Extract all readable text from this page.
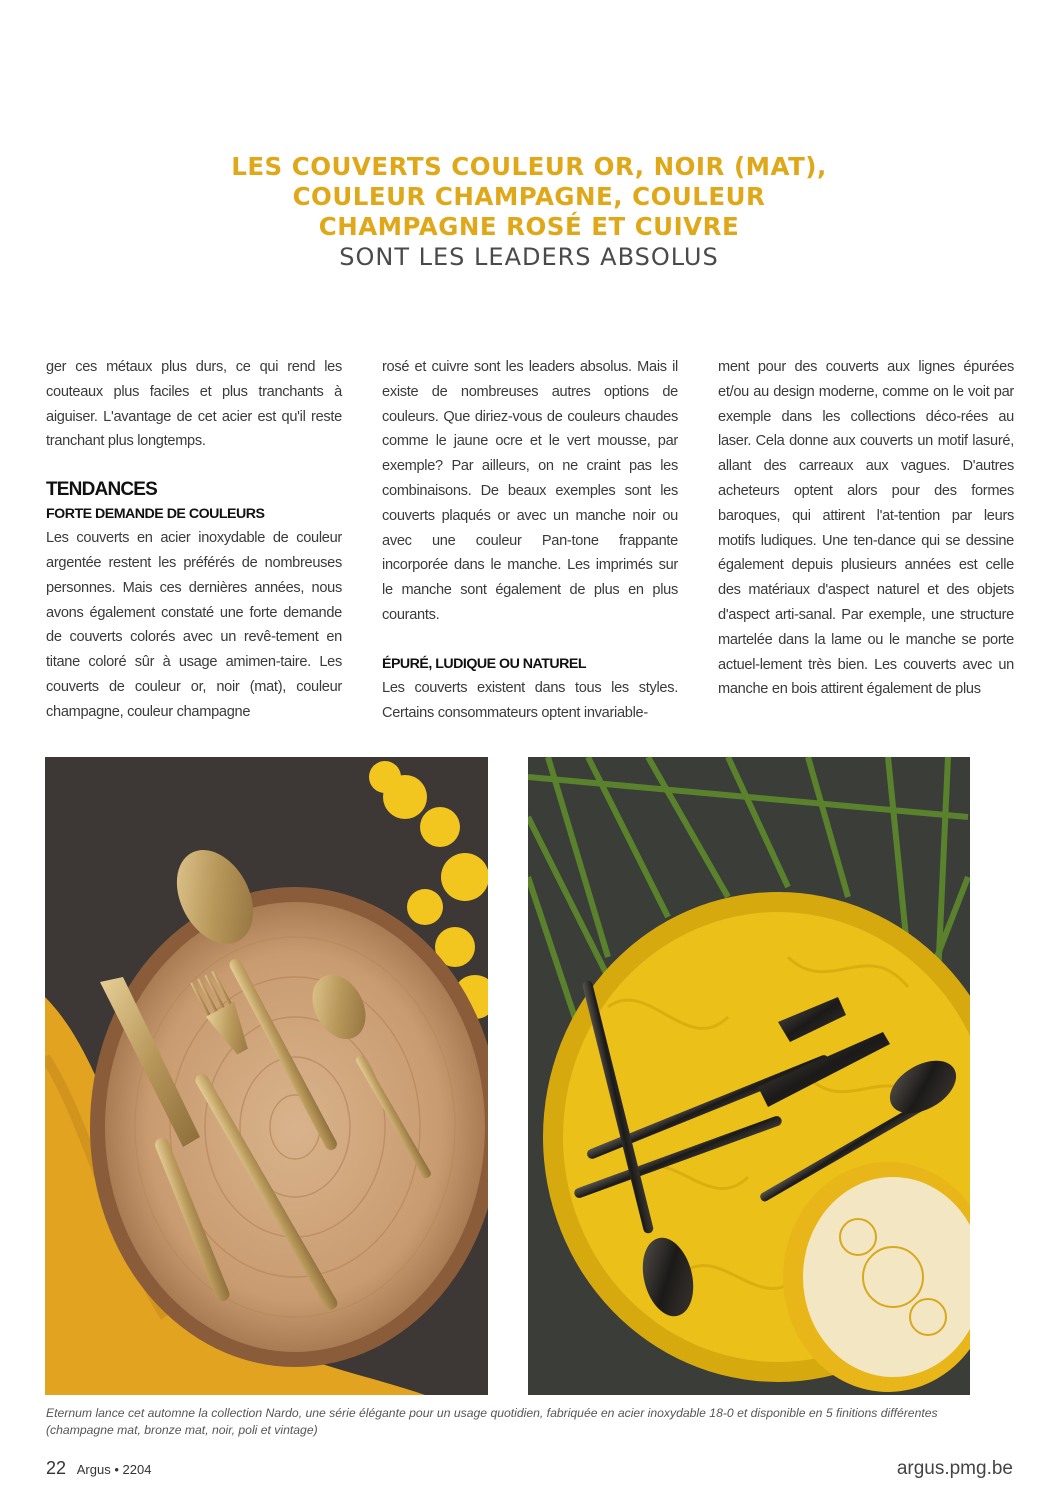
LES COUVERTS COULEUR OR, NOIR (MAT),
COULEUR CHAMPAGNE, COULEUR
CHAMPAGNE ROSÉ ET CUIVRE
SONT LES LEADERS ABSOLUS

ger ces métaux plus durs, ce qui rend les couteaux plus faciles et plus tranchants à aiguiser. L'avantage de cet acier est qu'il reste tranchant plus longtemps.

TENDANCES
FORTE DEMANDE DE COULEURS

Les couverts en acier inoxydable de couleur argentée restent les préférés de nombreuses personnes. Mais ces dernières années, nous avons également constaté une forte demande de couverts colorés avec un revê-tement en titane coloré sûr à usage amimen-taire. Les couverts de couleur or, noir (mat), couleur champagne, couleur champagne

rosé et cuivre sont les leaders absolus. Mais il existe de nombreuses autres options de couleurs. Que diriez-vous de couleurs chaudes comme le jaune ocre et le vert mousse, par exemple? Par ailleurs, on ne craint pas les combinaisons. De beaux exemples sont les couverts plaqués or avec un manche noir ou avec une couleur Pan-tone frappante incorporée dans le manche. Les imprimés sur le manche sont également de plus en plus courants.

ÉPURÉ, LUDIQUE OU NATUREL

Les couverts existent dans tous les styles. Certains consommateurs optent invariable-

ment pour des couverts aux lignes épurées et/ou au design moderne, comme on le voit par exemple dans les collections déco-rées au laser. Cela donne aux couverts un motif lasuré, allant des carreaux aux vagues. D'autres acheteurs optent alors pour des formes baroques, qui attirent l'at-tention par leurs motifs ludiques. Une ten-dance qui se dessine également depuis plusieurs années est celle des matériaux d'aspect naturel et des objets d'aspect arti-sanal. Par exemple, une structure martelée dans la lame ou le manche se porte actuel-lement très bien. Les couverts avec un manche en bois attirent également de plus

Eternum lance cet automne la collection Nardo, une série élégante pour un usage quotidien, fabriquée en acier inoxydable 18-0 et disponible en 5 finitions différentes (champagne mat, bronze mat, noir, poli et vintage)
22 Argus • 2204	argus.pmg.be
